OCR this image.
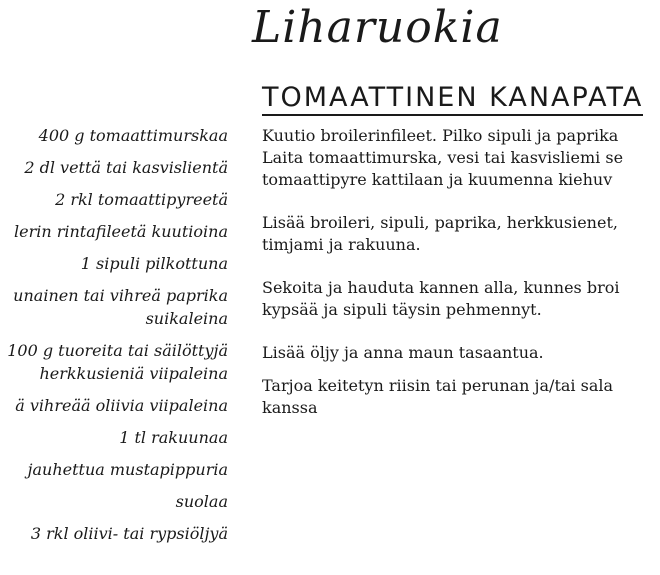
Liharuokia
TOMAATTINEN KANAPATA
400 g tomaattimurskaa
2 dl vettä tai kasvislientä
2 rkl tomaattipyreetä
lerin rintafileetä kuutioina
1 sipuli pilkottuna
unainen tai vihreä paprika
suikaleina
100 g tuoreita tai säilöttyjä
herkkusieniä viipaleina
ä vihreää oliivia viipaleina
1 tl rakuunaa
jauhettua mustapippuria
suolaa
3 rkl oliivi- tai rypsiöljyä

Kuutio broilerinfileet. Pilko sipuli ja paprika
Laita tomaattimurska, vesi tai kasvisliemi se
tomaattipyre kattilaan ja kuumenna kiehuv

Lisää broileri, sipuli, paprika, herkkusienet,
timjami ja rakuuna.

Sekoita ja hauduta kannen alla, kunnes broi
kypsää ja sipuli täysin pehmennyt.

Lisää öljy ja anna maun tasaantua.

Tarjoa keitetyn riisin tai perunan ja/tai sala
kanssa
